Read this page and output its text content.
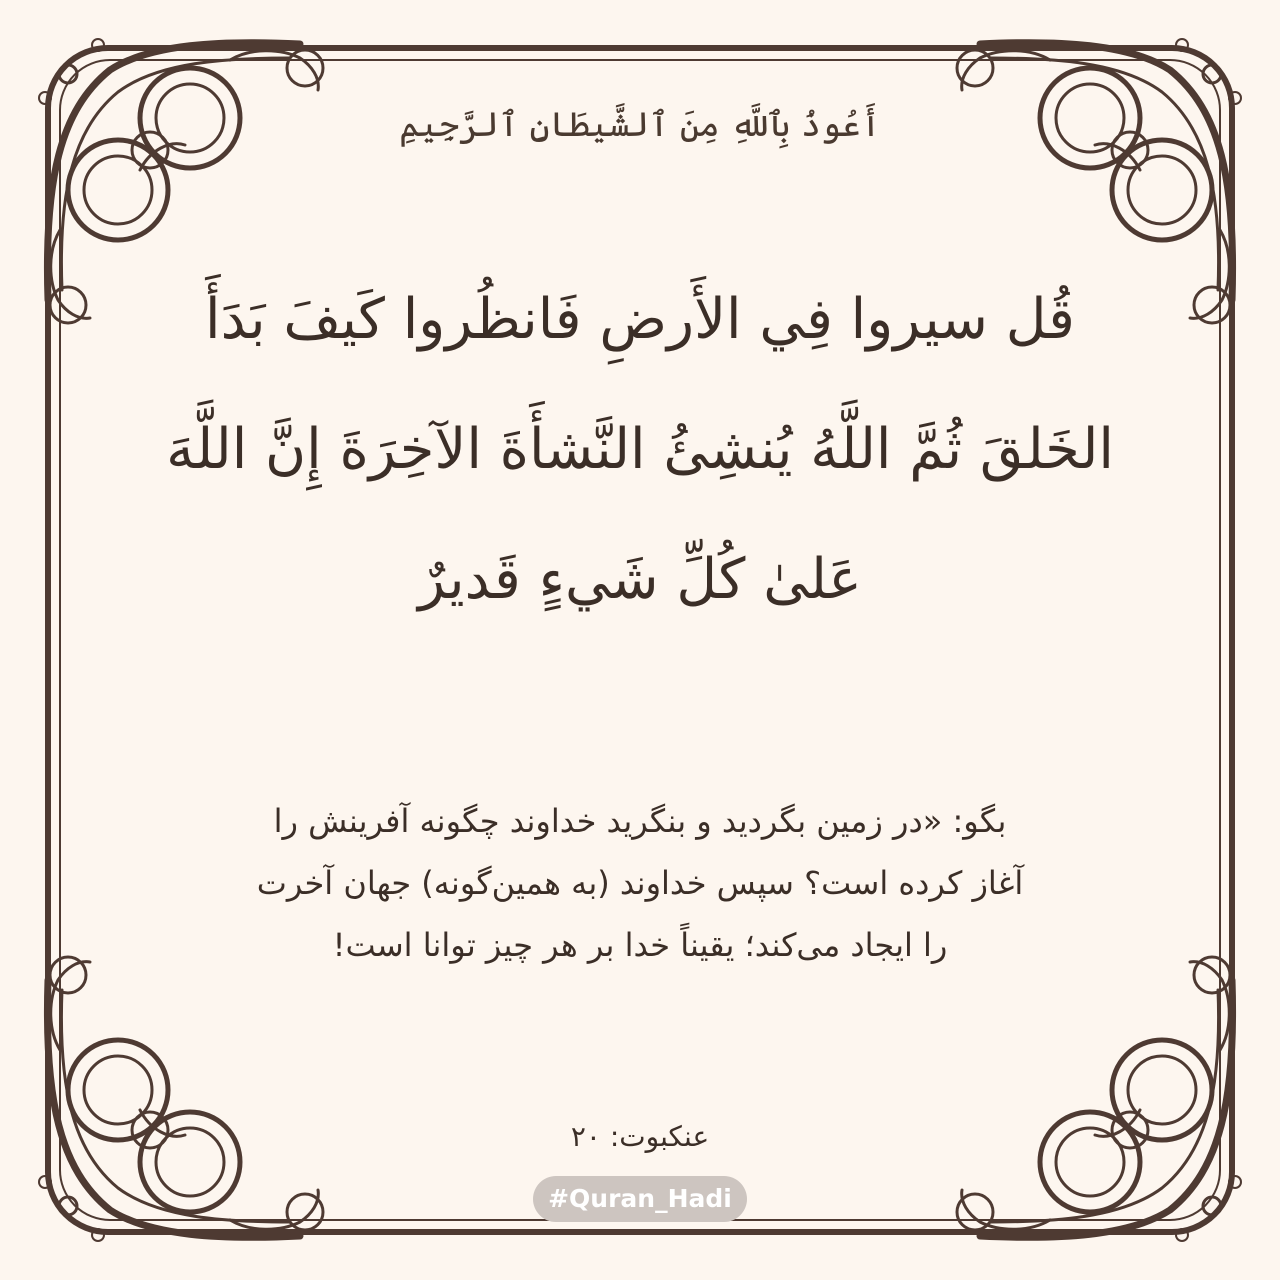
أَعُوذُ بِٱللَّهِ مِنَ ٱلشَّيطَانِ ٱلرَّجِيمِ
قُل سيروا فِي الأَرضِ فَانظُروا كَيفَ بَدَأَ
الخَلقَ ثُمَّ اللَّهُ يُنشِئُ النَّشأَةَ الآخِرَةَ إِنَّ اللَّهَ
عَلىٰ كُلِّ شَيءٍ قَديرٌ
بگو: «در زمین بگردید و بنگرید خداوند چگونه آفرینش را
آغاز کرده است؟ سپس خداوند (به همین‌گونه) جهان آخرت
را ایجاد می‌کند؛ یقیناً خدا بر هر چیز توانا است!
عنکبوت: ۲۰
#Quran_Hadi
